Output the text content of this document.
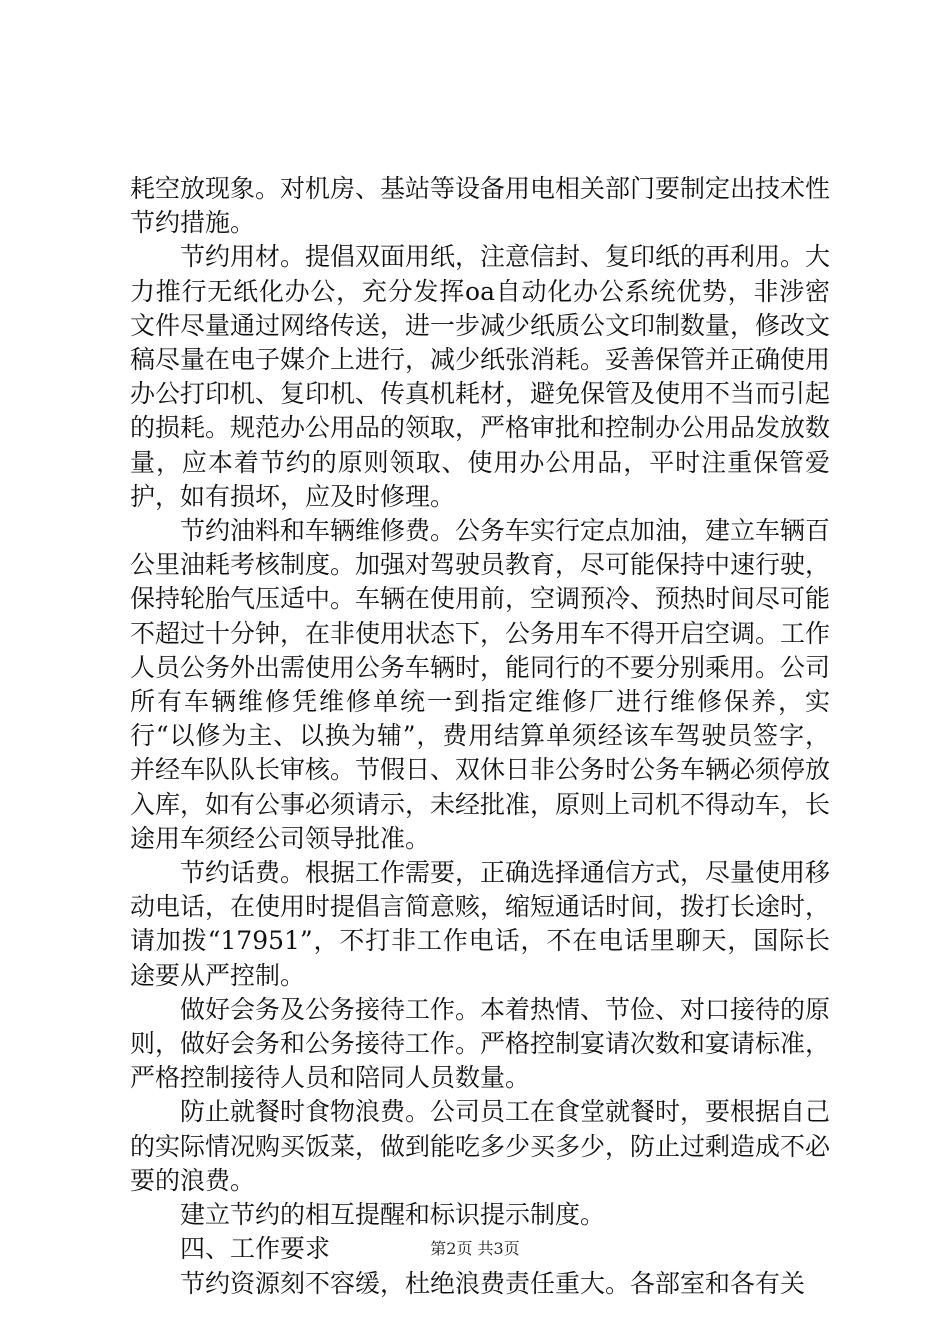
耗空放现象。对机房、基站等设备用电相关部门要制定出技术性节约措施。

节约用材。提倡双面用纸，注意信封、复印纸的再利用。大力推行无纸化办公，充分发挥oa自动化办公系统优势，非涉密文件尽量通过网络传送，进一步减少纸质公文印制数量，修改文稿尽量在电子媒介上进行，减少纸张消耗。妥善保管并正确使用办公打印机、复印机、传真机耗材，避免保管及使用不当而引起的损耗。规范办公用品的领取，严格审批和控制办公用品发放数量，应本着节约的原则领取、使用办公用品，平时注重保管爱护，如有损坏，应及时修理。

节约油料和车辆维修费。公务车实行定点加油，建立车辆百公里油耗考核制度。加强对驾驶员教育，尽可能保持中速行驶，保持轮胎气压适中。车辆在使用前，空调预冷、预热时间尽可能不超过十分钟，在非使用状态下，公务用车不得开启空调。工作人员公务外出需使用公务车辆时，能同行的不要分别乘用。公司所有车辆维修凭维修单统一到指定维修厂进行维修保养，实行“以修为主、以换为辅”，费用结算单须经该车驾驶员签字，并经车队队长审核。节假日、双休日非公务时公务车辆必须停放入库，如有公事必须请示，未经批准，原则上司机不得动车，长途用车须经公司领导批准。

节约话费。根据工作需要，正确选择通信方式，尽量使用移动电话，在使用时提倡言简意赅，缩短通话时间，拨打长途时，请加拨“17951”，不打非工作电话，不在电话里聊天，国际长途要从严控制。

做好会务及公务接待工作。本着热情、节俭、对口接待的原则，做好会务和公务接待工作。严格控制宴请次数和宴请标准，严格控制接待人员和陪同人员数量。

防止就餐时食物浪费。公司员工在食堂就餐时，要根据自己的实际情况购买饭菜，做到能吃多少买多少，防止过剩造成不必要的浪费。

建立节约的相互提醒和标识提示制度。

四、工作要求

节约资源刻不容缓，杜绝浪费责任重大。各部室和各有关

第2页 共3页
